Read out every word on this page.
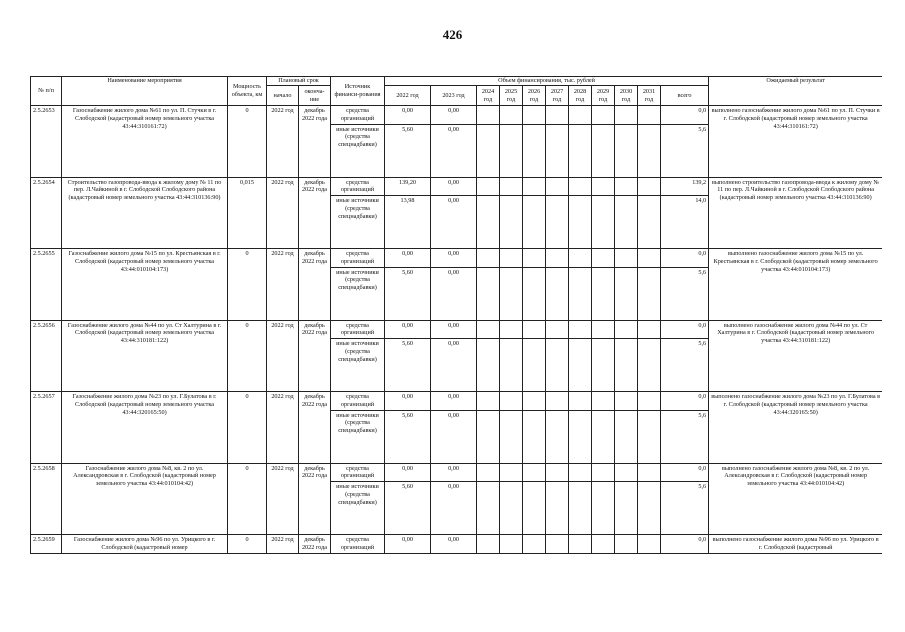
426
№ п/п	Наименование мероприятия	Мощность объекта, км	Плановый срок		Источник финанси-рования	Объем финансирования, тыс. рублей											Ожидаемый результат
			начало	оконча-ние		2022 год	2023 год	2024 год	2025 год	2026 год	2027 год	2028 год	2029 год	2030 год	2031 год	всего	
2.5.2653	Газоснабжение жилого дома №61 по ул. П. Стучки в г. Слободской (кадастровый номер земельного участка 43:44:310161:72)	0	2022 год	декабрь 2022 года	средства организаций	0,00	0,00									0,0	выполнено газоснабжение жилого дома №61 по ул. П. Стучки в г. Слободской (кадастровый номер земельного участка 43:44:310161:72)
					иные источники (средства спецнадбавки)	5,60	0,00									5,6	
2.5.2654	Строительство газопровода-ввода к жилому дому № 11 по пер. Л.Чайкиной в г. Слободской Слободского района (кадастровый номер земельного участка 43:44:310136:90)	0,015	2022 год	декабрь 2022 года	средства организаций	139,20	0,00									139,2	выполнено строительство газопровода-ввода к жилому дому № 11 по пер. Л.Чайкиной в г. Слободской Слободского района (кадастровый номер земельного участка 43:44:310136:90)
					иные источники (средства спецнадбавки)	13,98	0,00									14,0	
2.5.2655	Газоснабжение жилого дома №15 по ул. Крестьянская в г. Слободской (кадастровый номер земельного участка 43:44:010104:173)	0	2022 год	декабрь 2022 года	средства организаций	0,00	0,00									0,0	выполнено газоснабжение жилого дома №15 по ул. Крестьянская в г. Слободской (кадастровый номер земельного участка 43:44:010104:173)
					иные источники (средства спецнадбавки)	5,60	0,00									5,6	
2.5.2656	Газоснабжение жилого дома №44 по ул. Ст Халтурина в г. Слободской (кадастровый номер земельного участка 43:44:310181:122)	0	2022 год	декабрь 2022 года	средства организаций	0,00	0,00									0,0	выполнено газоснабжение жилого дома №44 по ул. Ст Халтурина в г. Слободской (кадастровый номер земельного участка 43:44:310181:122)
					иные источники (средства спецнадбавки)	5,60	0,00									5,6	
2.5.2657	Газоснабжение жилого дома №23 по ул. Г.Булатова в г. Слободской (кадастровый номер земельного участка 43:44:320165:50)	0	2022 год	декабрь 2022 года	средства организаций	0,00	0,00									0,0	выполнено газоснабжение жилого дома №23 по ул. Г.Булатова в г. Слободской (кадастровый номер земельного участка 43:44:320165:50)
					иные источники (средства спецнадбавки)	5,60	0,00									5,6	
2.5.2658	Газоснабжение жилого дома №8, кв. 2 по ул. Александровская в г. Слободской (кадастровый номер земельного участка 43:44:010104:42)	0	2022 год	декабрь 2022 года	средства организаций	0,00	0,00									0,0	выполнено газоснабжение жилого дома №8, кв. 2 по ул. Александровская в г. Слободской (кадастровый номер земельного участка 43:44:010104:42)
					иные источники (средства спецнадбавки)	5,60	0,00									5,6	
2.5.2659	Газоснабжение жилого дома №96 по ул. Урицкого в г. Слободской (кадастровый номер	0	2022 год	декабрь 2022 года	средства организаций	0,00	0,00									0,0	выполнено газоснабжение жилого дома №96 по ул. Урицкого в г. Слободской (кадастровый
